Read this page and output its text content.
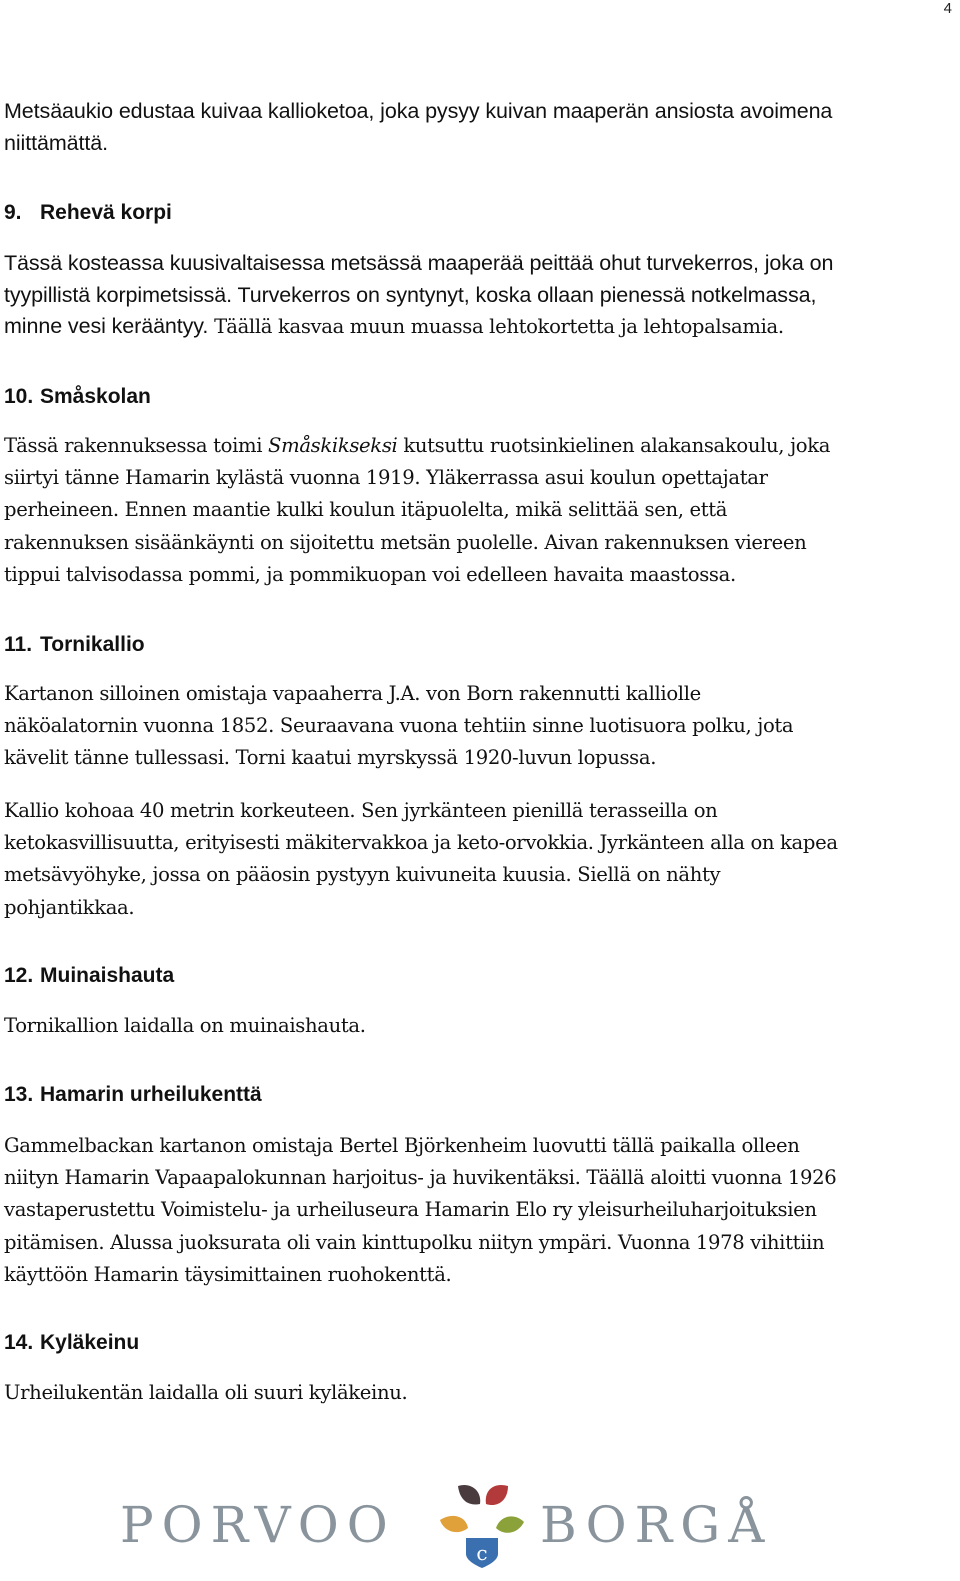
4

Metsäaukio edustaa kuivaa kallioketoa, joka pysyy kuivan maaperän ansiosta avoimena

niittämättä.

9. Rehevä korpi

Tässä kosteassa kuusivaltaisessa metsässä maaperää peittää ohut turvekerros, joka on

tyypillistä korpimetsissä. Turvekerros on syntynyt, koska ollaan pienessä notkelmassa,

minne vesi kerääntyy. Täällä kasvaa muun muassa lehtokortetta ja lehtopalsamia.

10. Småskolan

Tässä rakennuksessa toimi Småskikseksi kutsuttu ruotsinkielinen alakansakoulu, joka

siirtyi tänne Hamarin kylästä vuonna 1919. Yläkerrassa asui koulun opettajatar

perheineen. Ennen maantie kulki koulun itäpuolelta, mikä selittää sen, että

rakennuksen sisäänkäynti on sijoitettu metsän puolelle. Aivan rakennuksen viereen

tippui talvisodassa pommi, ja pommikuopan voi edelleen havaita maastossa.

11. Tornikallio

Kartanon silloinen omistaja vapaaherra J.A. von Born rakennutti kalliolle

näköalatornin vuonna 1852. Seuraavana vuona tehtiin sinne luotisuora polku, jota

kävelit tänne tullessasi. Torni kaatui myrskyssä 1920-luvun lopussa.

Kallio kohoaa 40 metrin korkeuteen. Sen jyrkänteen pienillä terasseilla on

ketokasvillisuutta, erityisesti mäkitervakkoa ja keto-orvokkia. Jyrkänteen alla on kapea

metsävyöhyke, jossa on pääosin pystyyn kuivuneita kuusia. Siellä on nähty

pohjantikkaa.

12. Muinaishauta

Tornikallion laidalla on muinaishauta.

13. Hamarin urheilukenttä

Gammelbackan kartanon omistaja Bertel Björkenheim luovutti tällä paikalla olleen

niityn Hamarin Vapaapalokunnan harjoitus- ja huvikentäksi. Täällä aloitti vuonna 1926

vastaperustettu Voimistelu- ja urheiluseura Hamarin Elo ry yleisurheiluharjoituksien

pitämisen. Alussa juoksurata oli vain kinttupolku niityn ympäri. Vuonna 1978 vihittiin

käyttöön Hamarin täysimittainen ruohokenttä.

14. Kyläkeinu

Urheilukentän laidalla oli suuri kyläkeinu.

PORVOO	c BORGÅ
